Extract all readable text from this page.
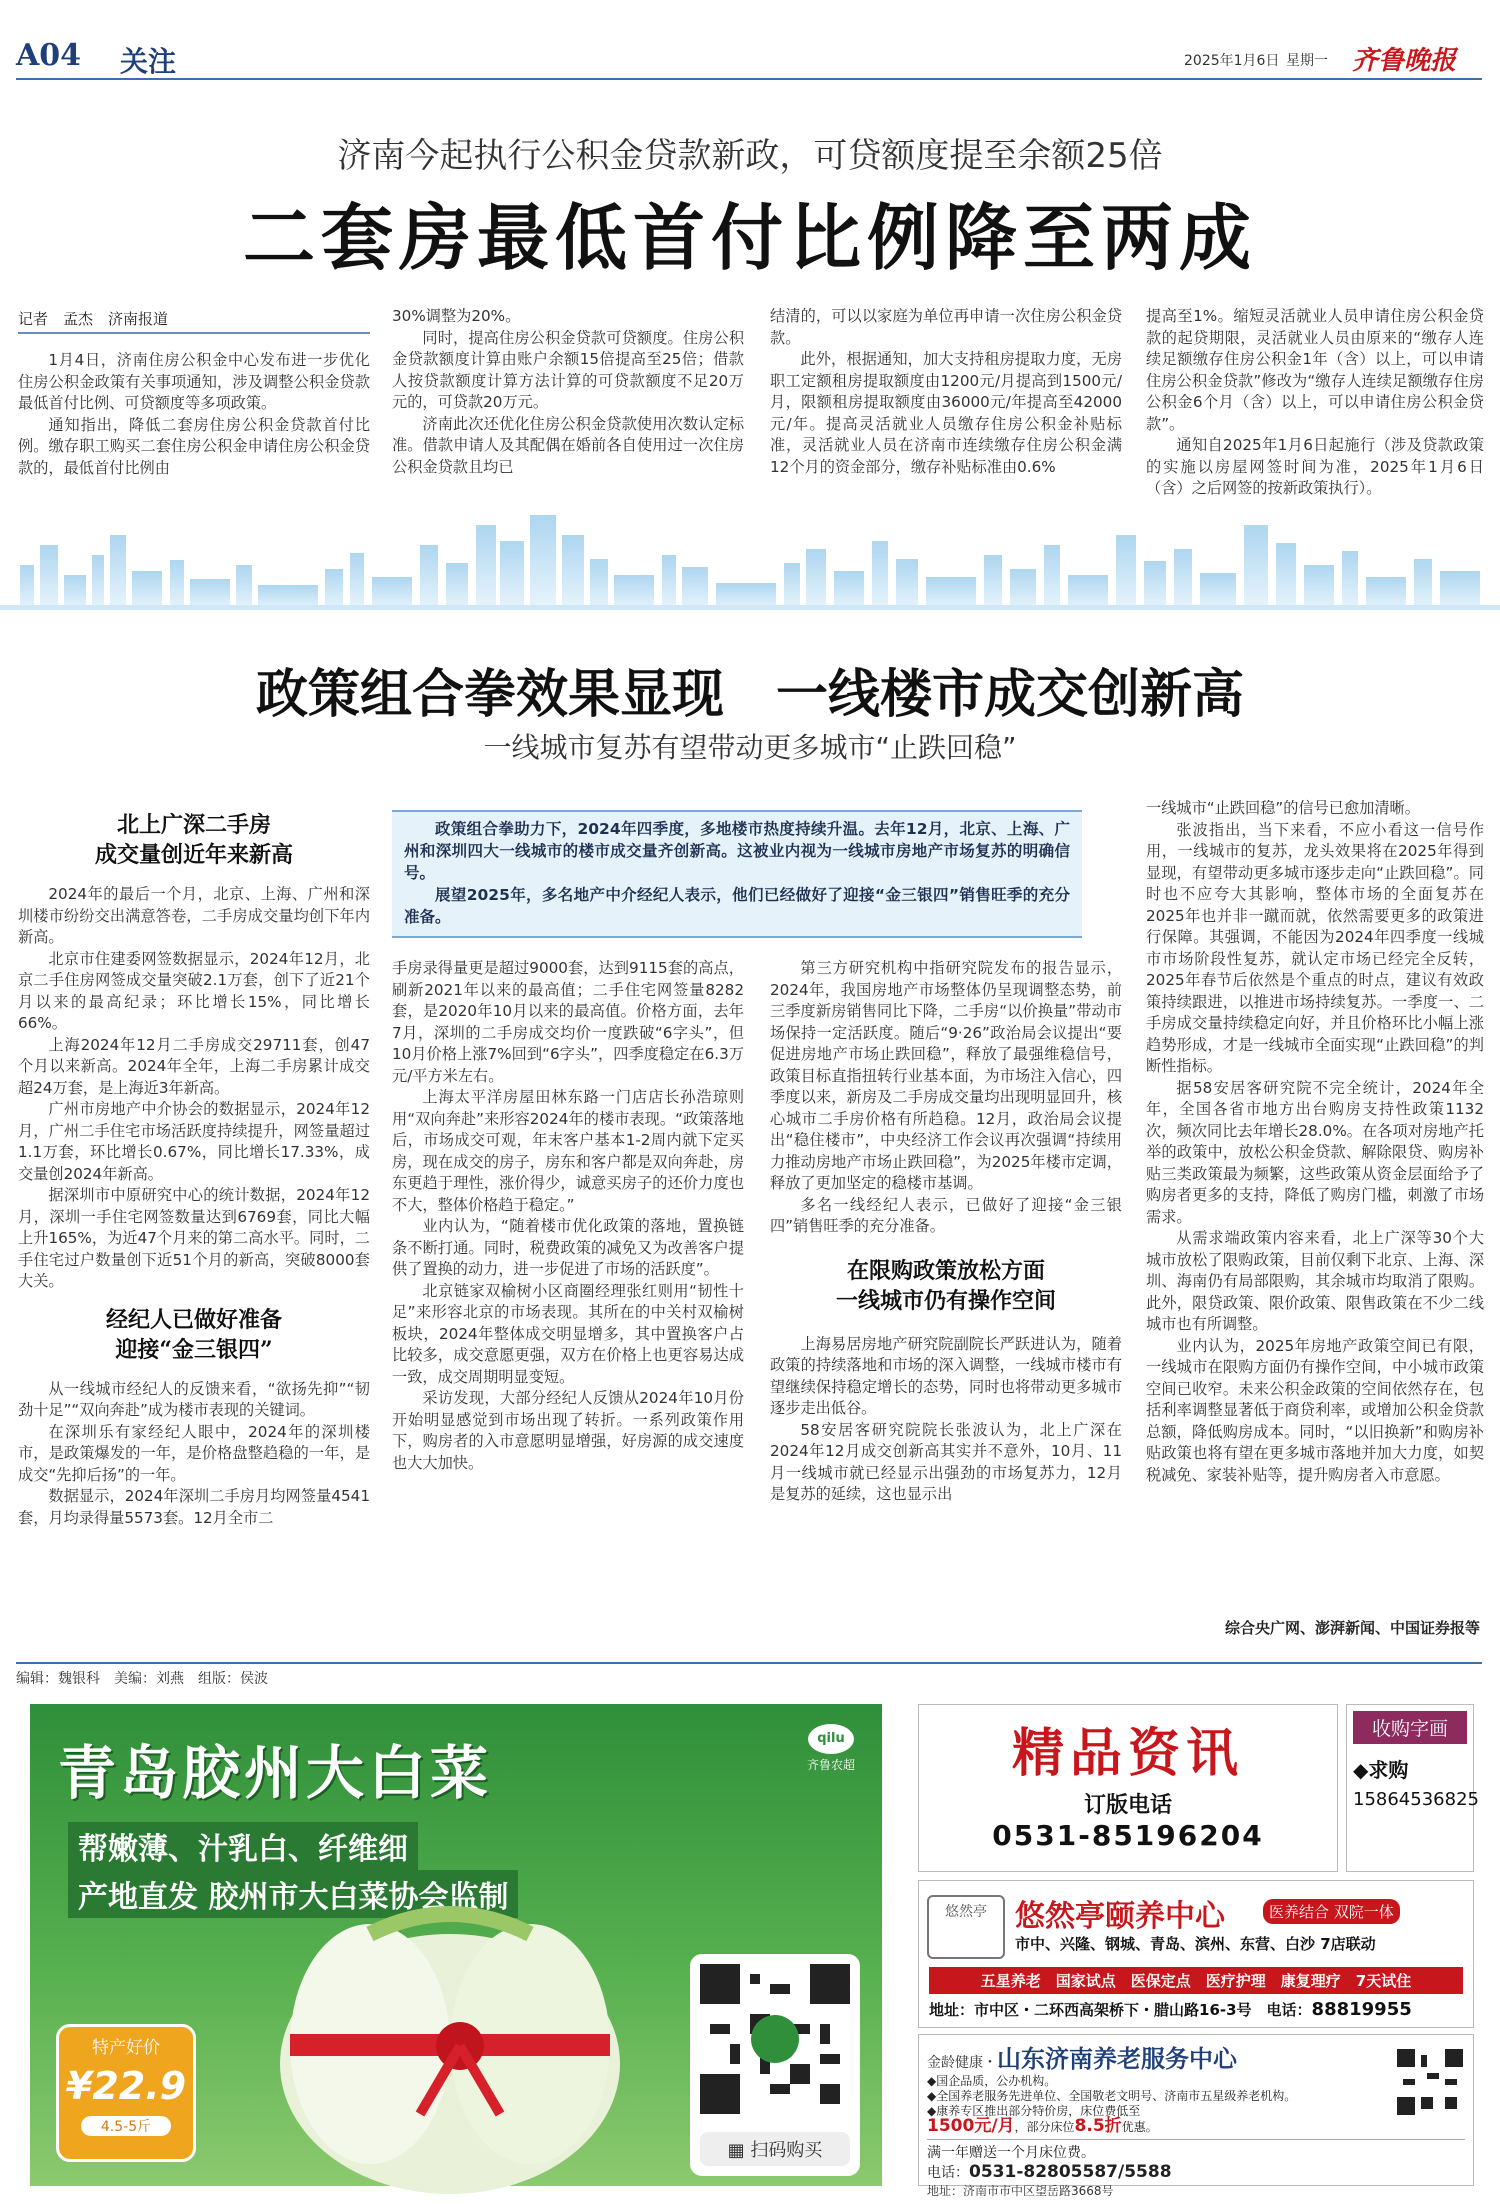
A04 关注	2025年1月6日 星期一 齐鲁晚报
济南今起执行公积金贷款新政，可贷额度提至余额25倍
二套房最低首付比例降至两成
记者　孟杰　济南报道

1月4日，济南住房公积金中心发布进一步优化住房公积金政策有关事项通知，涉及调整公积金贷款最低首付比例、可贷额度等多项政策。

通知指出，降低二套房住房公积金贷款首付比例。缴存职工购买二套住房公积金申请住房公积金贷款的，最低首付比例由

30%调整为20%。

同时，提高住房公积金贷款可贷额度。住房公积金贷款额度计算由账户余额15倍提高至25倍；借款人按贷款额度计算方法计算的可贷款额度不足20万元的，可贷款20万元。

济南此次还优化住房公积金贷款使用次数认定标准。借款申请人及其配偶在婚前各自使用过一次住房公积金贷款且均已

结清的，可以以家庭为单位再申请一次住房公积金贷款。

此外，根据通知，加大支持租房提取力度，无房职工定额租房提取额度由1200元/月提高到1500元/月，限额租房提取额度由36000元/年提高至42000元/年。提高灵活就业人员缴存住房公积金补贴标准，灵活就业人员在济南市连续缴存住房公积金满12个月的资金部分，缴存补贴标准由0.6%

提高至1%。缩短灵活就业人员申请住房公积金贷款的起贷期限，灵活就业人员由原来的“缴存人连续足额缴存住房公积金1年（含）以上，可以申请住房公积金贷款”修改为“缴存人连续足额缴存住房公积金6个月（含）以上，可以申请住房公积金贷款”。

通知自2025年1月6日起施行（涉及贷款政策的实施以房屋网签时间为准，2025年1月6日（含）之后网签的按新政策执行）。

政策组合拳效果显现　一线楼市成交创新高
一线城市复苏有望带动更多城市“止跌回稳”

政策组合拳助力下，2024年四季度，多地楼市热度持续升温。去年12月，北京、上海、广州和深圳四大一线城市的楼市成交量齐创新高。这被业内视为一线城市房地产市场复苏的明确信号。

展望2025年，多名地产中介经纪人表示，他们已经做好了迎接“金三银四”销售旺季的充分准备。

北上广深二手房
成交量创近年来新高

2024年的最后一个月，北京、上海、广州和深圳楼市纷纷交出满意答卷，二手房成交量均创下年内新高。

北京市住建委网签数据显示，2024年12月，北京二手住房网签成交量突破2.1万套，创下了近21个月以来的最高纪录；环比增长15%，同比增长66%。

上海2024年12月二手房成交29711套，创47个月以来新高。2024年全年，上海二手房累计成交超24万套，是上海近3年新高。

广州市房地产中介协会的数据显示，2024年12月，广州二手住宅市场活跃度持续提升，网签量超过1.1万套，环比增长0.67%，同比增长17.33%，成交量创2024年新高。

据深圳市中原研究中心的统计数据，2024年12月，深圳一手住宅网签数量达到6769套，同比大幅上升165%，为近47个月来的第二高水平。同时，二手住宅过户数量创下近51个月的新高，突破8000套大关。

经纪人已做好准备
迎接“金三银四”

从一线城市经纪人的反馈来看，“欲扬先抑”“韧劲十足”“双向奔赴”成为楼市表现的关键词。

在深圳乐有家经纪人眼中，2024年的深圳楼市，是政策爆发的一年，是价格盘整趋稳的一年，是成交“先抑后扬”的一年。

数据显示，2024年深圳二手房月均网签量4541套，月均录得量5573套。12月全市二

手房录得量更是超过9000套，达到9115套的高点，刷新2021年以来的最高值；二手住宅网签量8282套，是2020年10月以来的最高值。价格方面，去年7月，深圳的二手房成交均价一度跌破“6字头”，但10月价格上涨7%回到“6字头”，四季度稳定在6.3万元/平方米左右。

上海太平洋房屋田林东路一门店店长孙浩琼则用“双向奔赴”来形容2024年的楼市表现。“政策落地后，市场成交可观，年末客户基本1-2周内就下定买房，现在成交的房子，房东和客户都是双向奔赴，房东更趋于理性，涨价得少，诚意买房子的还价力度也不大，整体价格趋于稳定。”

业内认为，“随着楼市优化政策的落地，置换链条不断打通。同时，税费政策的减免又为改善客户提供了置换的动力，进一步促进了市场的活跃度”。

北京链家双榆树小区商圈经理张红则用“韧性十足”来形容北京的市场表现。其所在的中关村双榆树板块，2024年整体成交明显增多，其中置换客户占比较多，成交意愿更强，双方在价格上也更容易达成一致，成交周期明显变短。

采访发现，大部分经纪人反馈从2024年10月份开始明显感觉到市场出现了转折。一系列政策作用下，购房者的入市意愿明显增强，好房源的成交速度也大大加快。

第三方研究机构中指研究院发布的报告显示，2024年，我国房地产市场整体仍呈现调整态势，前三季度新房销售同比下降，二手房“以价换量”带动市场保持一定活跃度。随后“9·26”政治局会议提出“要促进房地产市场止跌回稳”，释放了最强维稳信号，政策目标直指扭转行业基本面，为市场注入信心，四季度以来，新房及二手房成交量均出现明显回升，核心城市二手房价格有所趋稳。12月，政治局会议提出“稳住楼市”，中央经济工作会议再次强调“持续用力推动房地产市场止跌回稳”，为2025年楼市定调，释放了更加坚定的稳楼市基调。

多名一线经纪人表示，已做好了迎接“金三银四”销售旺季的充分准备。

在限购政策放松方面
一线城市仍有操作空间

上海易居房地产研究院副院长严跃进认为，随着政策的持续落地和市场的深入调整，一线城市楼市有望继续保持稳定增长的态势，同时也将带动更多城市逐步走出低谷。

58安居客研究院院长张波认为，北上广深在2024年12月成交创新高其实并不意外，10月、11月一线城市就已经显示出强劲的市场复苏力，12月是复苏的延续，这也显示出

一线城市“止跌回稳”的信号已愈加清晰。

张波指出，当下来看，不应小看这一信号作用，一线城市的复苏，龙头效果将在2025年得到显现，有望带动更多城市逐步走向“止跌回稳”。同时也不应夸大其影响，整体市场的全面复苏在2025年也并非一蹴而就，依然需要更多的政策进行保障。其强调，不能因为2024年四季度一线城市市场阶段性复苏，就认定市场已经完全反转，2025年春节后依然是个重点的时点，建议有效政策持续跟进，以推进市场持续复苏。一季度一、二手房成交量持续稳定向好，并且价格环比小幅上涨趋势形成，才是一线城市全面实现“止跌回稳”的判断性指标。

据58安居客研究院不完全统计，2024年全年，全国各省市地方出台购房支持性政策1132次，频次同比去年增长28.0%。在各项对房地产托举的政策中，放松公积金贷款、解除限贷、购房补贴三类政策最为频繁，这些政策从资金层面给予了购房者更多的支持，降低了购房门槛，刺激了市场需求。

从需求端政策内容来看，北上广深等30个大城市放松了限购政策，目前仅剩下北京、上海、深圳、海南仍有局部限购，其余城市均取消了限购。此外，限贷政策、限价政策、限售政策在不少二线城市也有所调整。

业内认为，2025年房地产政策空间已有限，一线城市在限购方面仍有操作空间，中小城市政策空间已收窄。未来公积金政策的空间依然存在，包括利率调整显著低于商贷利率，或增加公积金贷款总额，降低购房成本。同时，“以旧换新”和购房补贴政策也将有望在更多城市落地并加大力度，如契税减免、家装补贴等，提升购房者入市意愿。

综合央广网、澎湃新闻、中国证券报等
编辑：魏银科　美编：刘燕　组版：侯波
青岛胶州大白菜
帮嫩薄、汁乳白、纤维细
产地直发 胶州市大白菜协会监制
qilu
齐鲁农超
特产好价
¥22.9
4.5-5斤
▦ 扫码购买
精品资讯
订版电话
0531-85196204
收购字画
◆求购
15864536825
悠然亭 悠然亭颐养中心	医养结合 双院一体
市中、兴隆、钢城、青岛、滨州、东营、白沙 7店联动
五星养老　国家试点　医保定点　医疗护理　康复理疗　7天试住
地址：市中区・二环西高架桥下・腊山路16-3号　电话：88819955
金龄健康・山东济南养老服务中心
◆国企品质，公办机构。
◆全国养老服务先进单位、全国敬老文明号、济南市五星级养老机构。
◆康养专区推出部分特价房，床位费低至
1500元/月，部分床位8.5折优惠。
满一年赠送一个月床位费。
电话：0531-82805587/5588
地址：济南市市中区望岳路3668号
